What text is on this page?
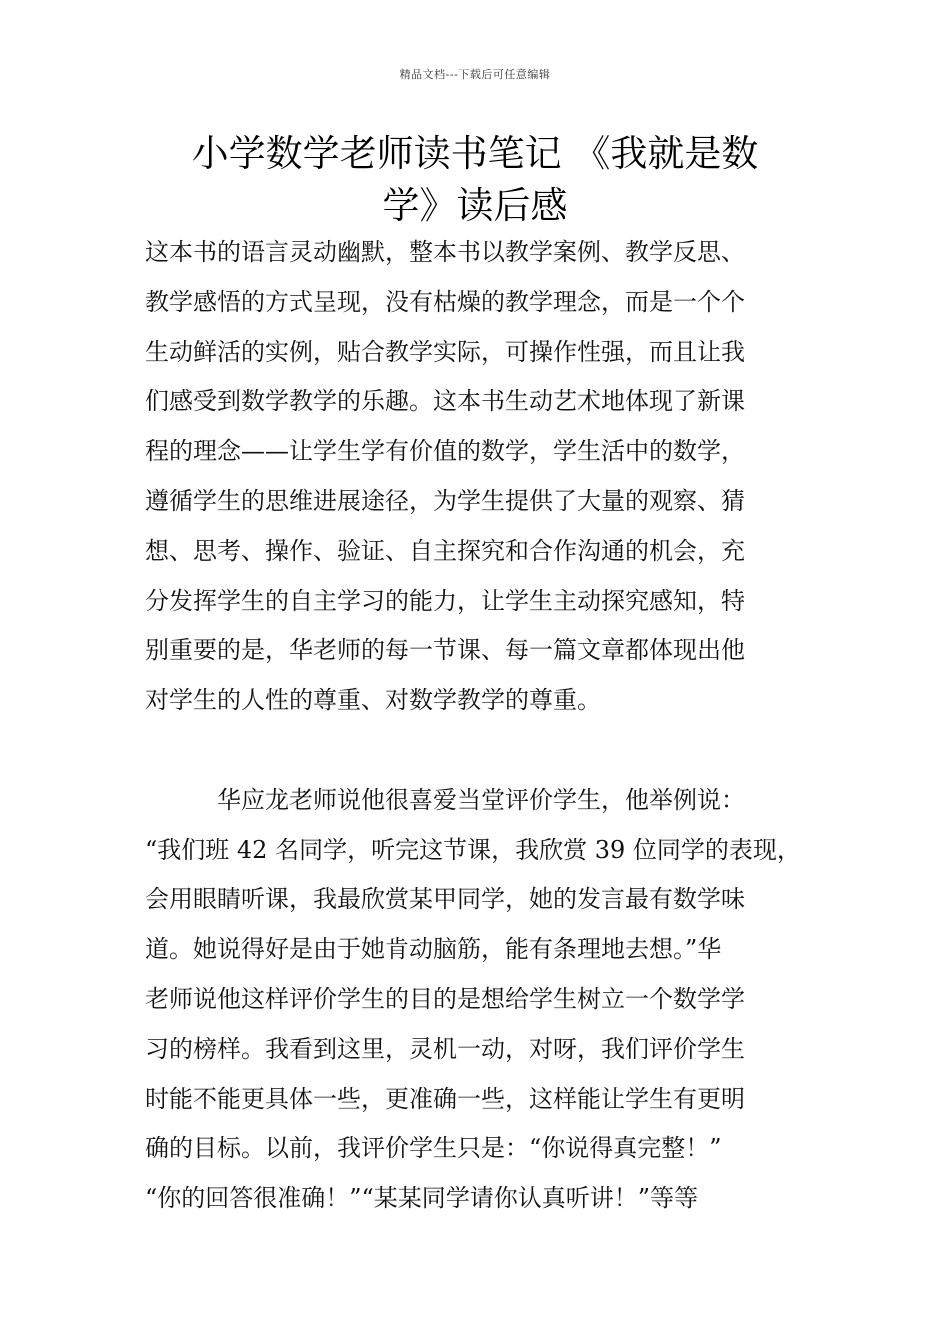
精品文档---下载后可任意编辑
小学数学老师读书笔记 《我就是数
学》读后感
这本书的语言灵动幽默，整本书以教学案例、教学反思、
教学感悟的方式呈现，没有枯燥的教学理念，而是一个个
生动鲜活的实例，贴合教学实际，可操作性强，而且让我
们感受到数学教学的乐趣。这本书生动艺术地体现了新课
程的理念——让学生学有价值的数学，学生活中的数学，
遵循学生的思维进展途径，为学生提供了大量的观察、猜
想、思考、操作、验证、自主探究和合作沟通的机会，充
分发挥学生的自主学习的能力，让学生主动探究感知，特
别重要的是，华老师的每一节课、每一篇文章都体现出他
对学生的人性的尊重、对数学教学的尊重。
华应龙老师说他很喜爱当堂评价学生，他举例说：
“我们班 42 名同学，听完这节课，我欣赏 39 位同学的表现，
会用眼睛听课，我最欣赏某甲同学，她的发言最有数学味
道。她说得好是由于她肯动脑筋，能有条理地去想。”华
老师说他这样评价学生的目的是想给学生树立一个数学学
习的榜样。我看到这里，灵机一动，对呀，我们评价学生
时能不能更具体一些，更准确一些，这样能让学生有更明
确的目标。以前，我评价学生只是：“你说得真完整！”
“你的回答很准确！”“某某同学请你认真听讲！”等等
